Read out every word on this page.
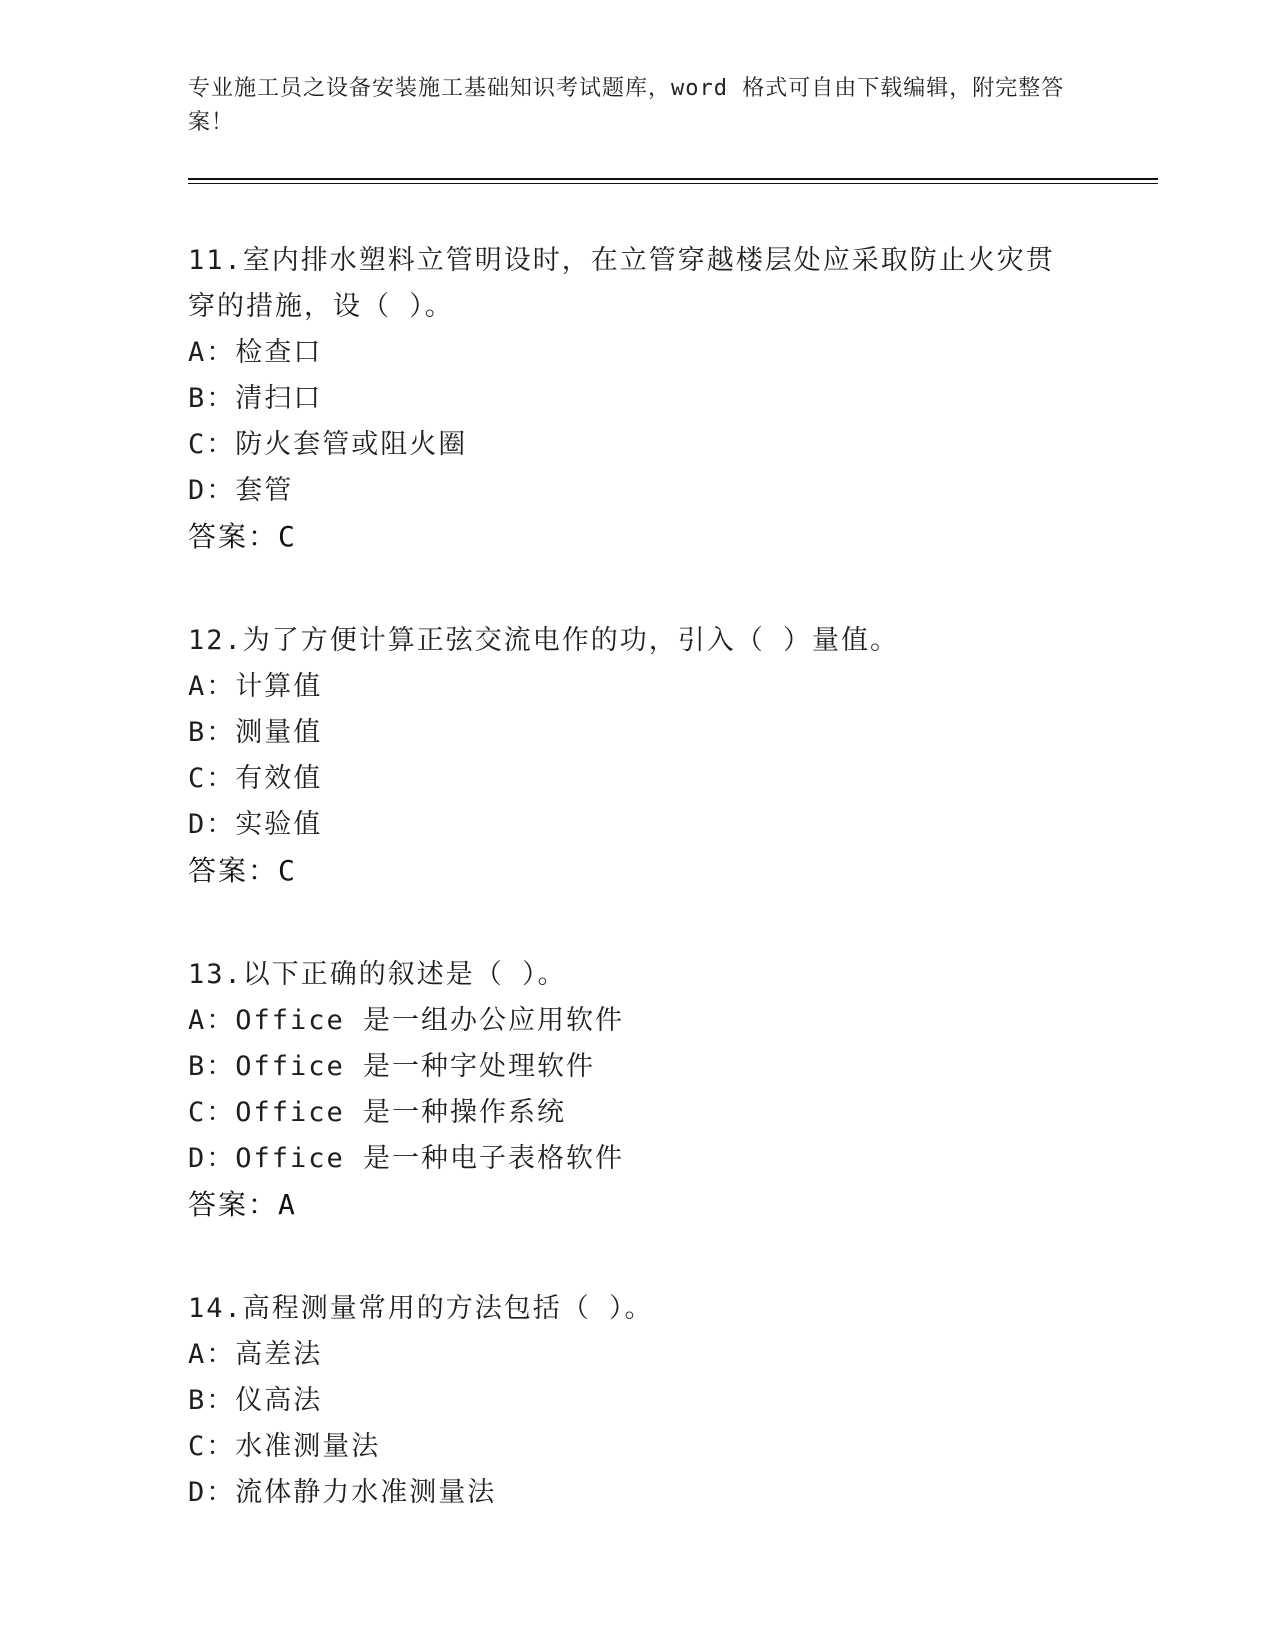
专业施工员之设备安装施工基础知识考试题库，word 格式可自由下载编辑，附完整答案！
11.室内排水塑料立管明设时，在立管穿越楼层处应采取防止火灾贯穿的措施，设（ ）。
A：检查口
B：清扫口
C：防火套管或阻火圈
D：套管
答案：C
12.为了方便计算正弦交流电作的功，引入（ ）量值。
A：计算值
B：测量值
C：有效值
D：实验值
答案：C
13.以下正确的叙述是（ ）。
A：Office 是一组办公应用软件
B：Office 是一种字处理软件
C：Office 是一种操作系统
D：Office 是一种电子表格软件
答案：A
14.高程测量常用的方法包括（ ）。
A：高差法
B：仪高法
C：水准测量法
D：流体静力水准测量法
